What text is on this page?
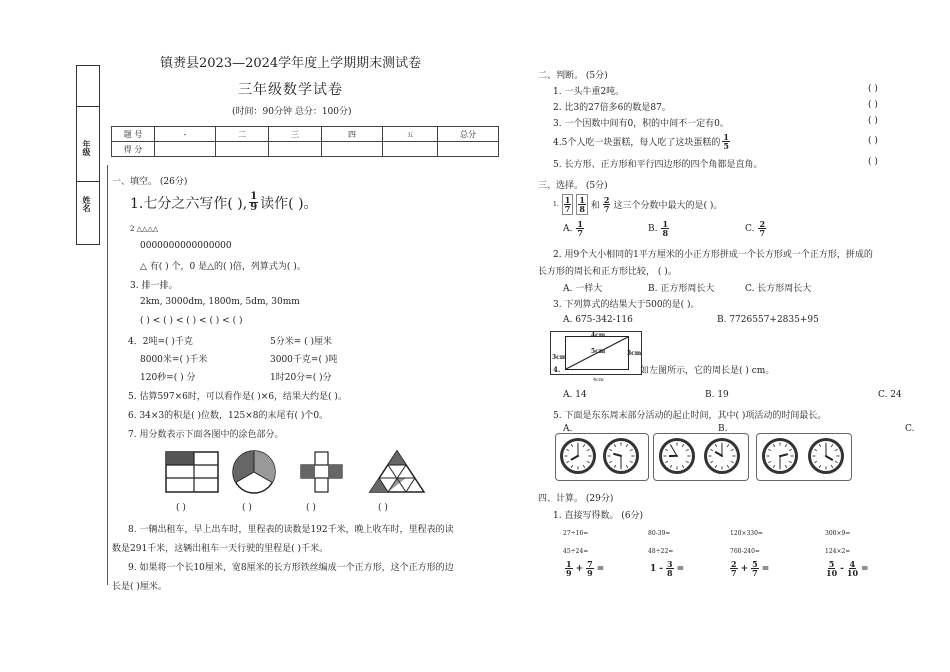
年级
姓名
镇赉县2023—2024学年度上学期期末测试卷
三年级数学试卷
(时间：90分钟 总分：100分)
题 号	-	二	三	四	五	总分
得 分						
一、填空。 (26分)
1.七分之六写作( ), $\frac{1}{9}$ 读作( )。
2 △△△△
0000000000000000
△ 有( ) 个，0 是△的( )倍，列算式为( )。
3. 排一排。
2km, 3000dm, 1800m, 5dm, 30mm
( ) < ( ) < ( ) < ( ) < ( )
4．2吨=( )千克	5分米= ( )厘米
8000米=( )千米	3000千克=( )吨
120秒=( ) 分	1时20分=( )分
5. 估算597×6时，可以看作是( )×6，结果大约是( )。
6. 34×3的积是( )位数，125×8的末尾有( )个0。
7. 用分数表示下面各图中的涂色部分。
( )	( )	( )	( )
8. 一辆出租车，早上出车时，里程表的读数是192千米，晚上收车时，里程表的读
数是291千米，这辆出租车一天行驶的里程是( )千米。
9. 如果将一个长10厘米，宽8厘米的长方形铁丝编成一个正方形，这个正方形的边
长是( )厘米。
二、判断。 (5分)
1. 一头牛重2吨。
2. 比3的27倍多6的数是87。
3. 一个因数中间有0，积的中间不一定有0。
4.5个人吃一块蛋糕，每人吃了这块蛋糕的 $\frac{1}{5}$
5. 长方形、正方形和平行四边形的四个角都是直角。
( )
( )
( )
( )
( )
三、选择。 (5分)
1. $\frac{1}{7} \frac{1}{8}$ 和 $\frac{2}{7}$ 这三个分数中最大的是( )。
A. $\frac{1}{7}$	B. $\frac{1}{8}$	C. $\frac{2}{7}$
2. 用9个大小相同的1平方厘米的小正方形拼成一个长方形或一个正方形，拼成的
长方形的周长和正方形比较， ( )。
A. 一样大	B. 正方形周长大	C. 长方形周长大
3. 下列算式的结果大于500的是( )。
A. 675-342-116	B. 7726557+2835+95
4cm
5cm
3cm
3cm
4.
4cm
如左图所示，它的周长是( ) cm。
A. 14	B. 19	C. 24
5. 下面是东东周末部分活动的起止时间，其中( )项活动的时间最长。
A.	B.	C.
四、计算。 (29分)
1. 直接写得数。 (6分)
27÷16=	80-39=	120×330=	300×9=
45÷24=	48÷22=	760-240=	124×2=
$\frac{1}{9} + \frac{7}{9}$ =	$1 - \frac{3}{8}$ =	$\frac{2}{7} + \frac{5}{7}$ =	$\frac{5}{10} - \frac{4}{10}$ =
